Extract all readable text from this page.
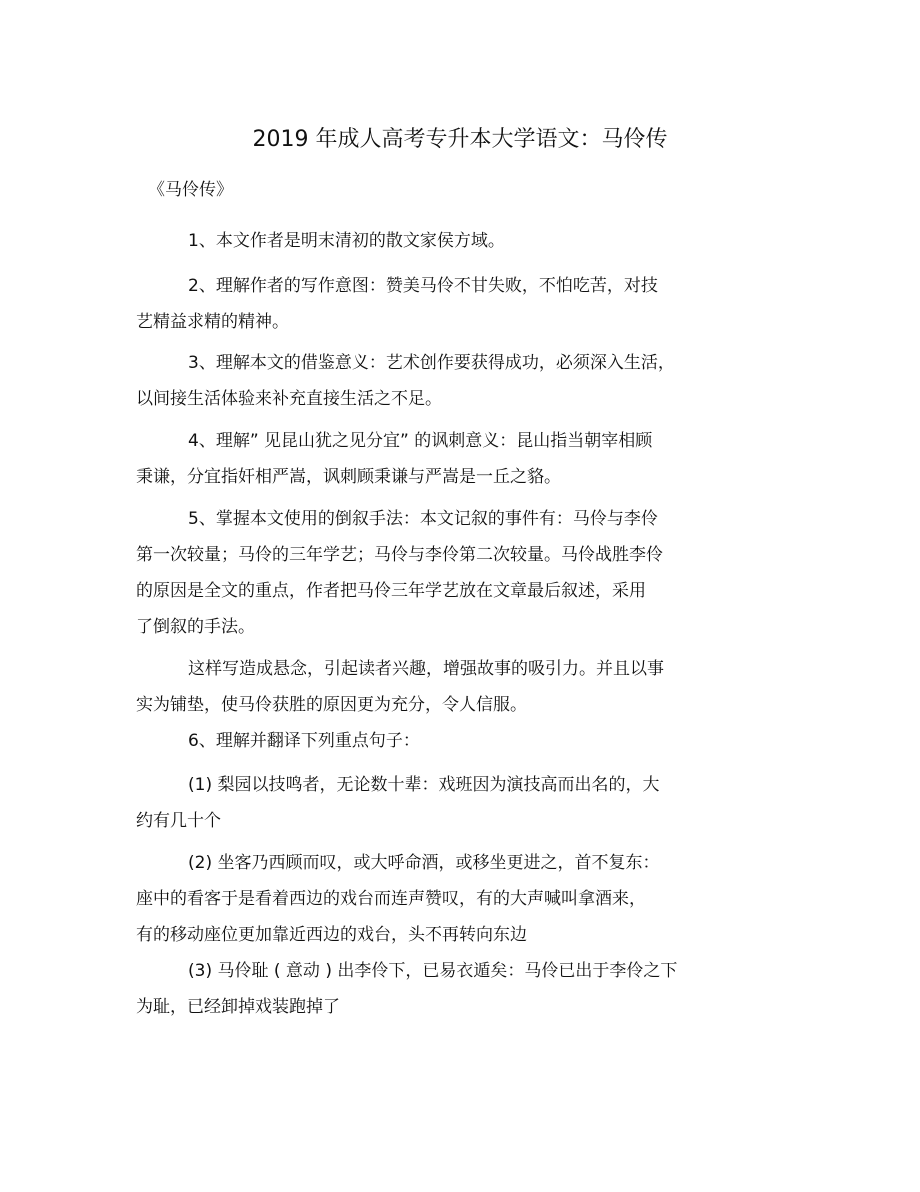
2019 年成人高考专升本大学语文：马伶传
《马伶传》
1、本文作者是明末清初的散文家侯方域。
2、理解作者的写作意图：赞美马伶不甘失败，不怕吃苦，对技
艺精益求精的精神。
3、理解本文的借鉴意义：艺术创作要获得成功，必须深入生活，
以间接生活体验来补充直接生活之不足。
4、理解” 见昆山犹之见分宜” 的讽刺意义：昆山指当朝宰相顾
秉谦，分宜指奸相严嵩，讽刺顾秉谦与严嵩是一丘之貉。
5、掌握本文使用的倒叙手法：本文记叙的事件有：马伶与李伶
第一次较量；马伶的三年学艺；马伶与李伶第二次较量。马伶战胜李伶
的原因是全文的重点，作者把马伶三年学艺放在文章最后叙述，采用
了倒叙的手法。
这样写造成悬念，引起读者兴趣，增强故事的吸引力。并且以事
实为铺垫，使马伶获胜的原因更为充分，令人信服。
6、理解并翻译下列重点句子：
(1) 梨园以技鸣者，无论数十辈：戏班因为演技高而出名的，大
约有几十个
(2) 坐客乃西顾而叹，或大呼命酒，或移坐更进之，首不复东：
座中的看客于是看着西边的戏台而连声赞叹，有的大声喊叫拿酒来，
有的移动座位更加靠近西边的戏台，头不再转向东边
(3) 马伶耻 ( 意动 ) 出李伶下，已易衣遁矣：马伶已出于李伶之下
为耻，已经卸掉戏装跑掉了
